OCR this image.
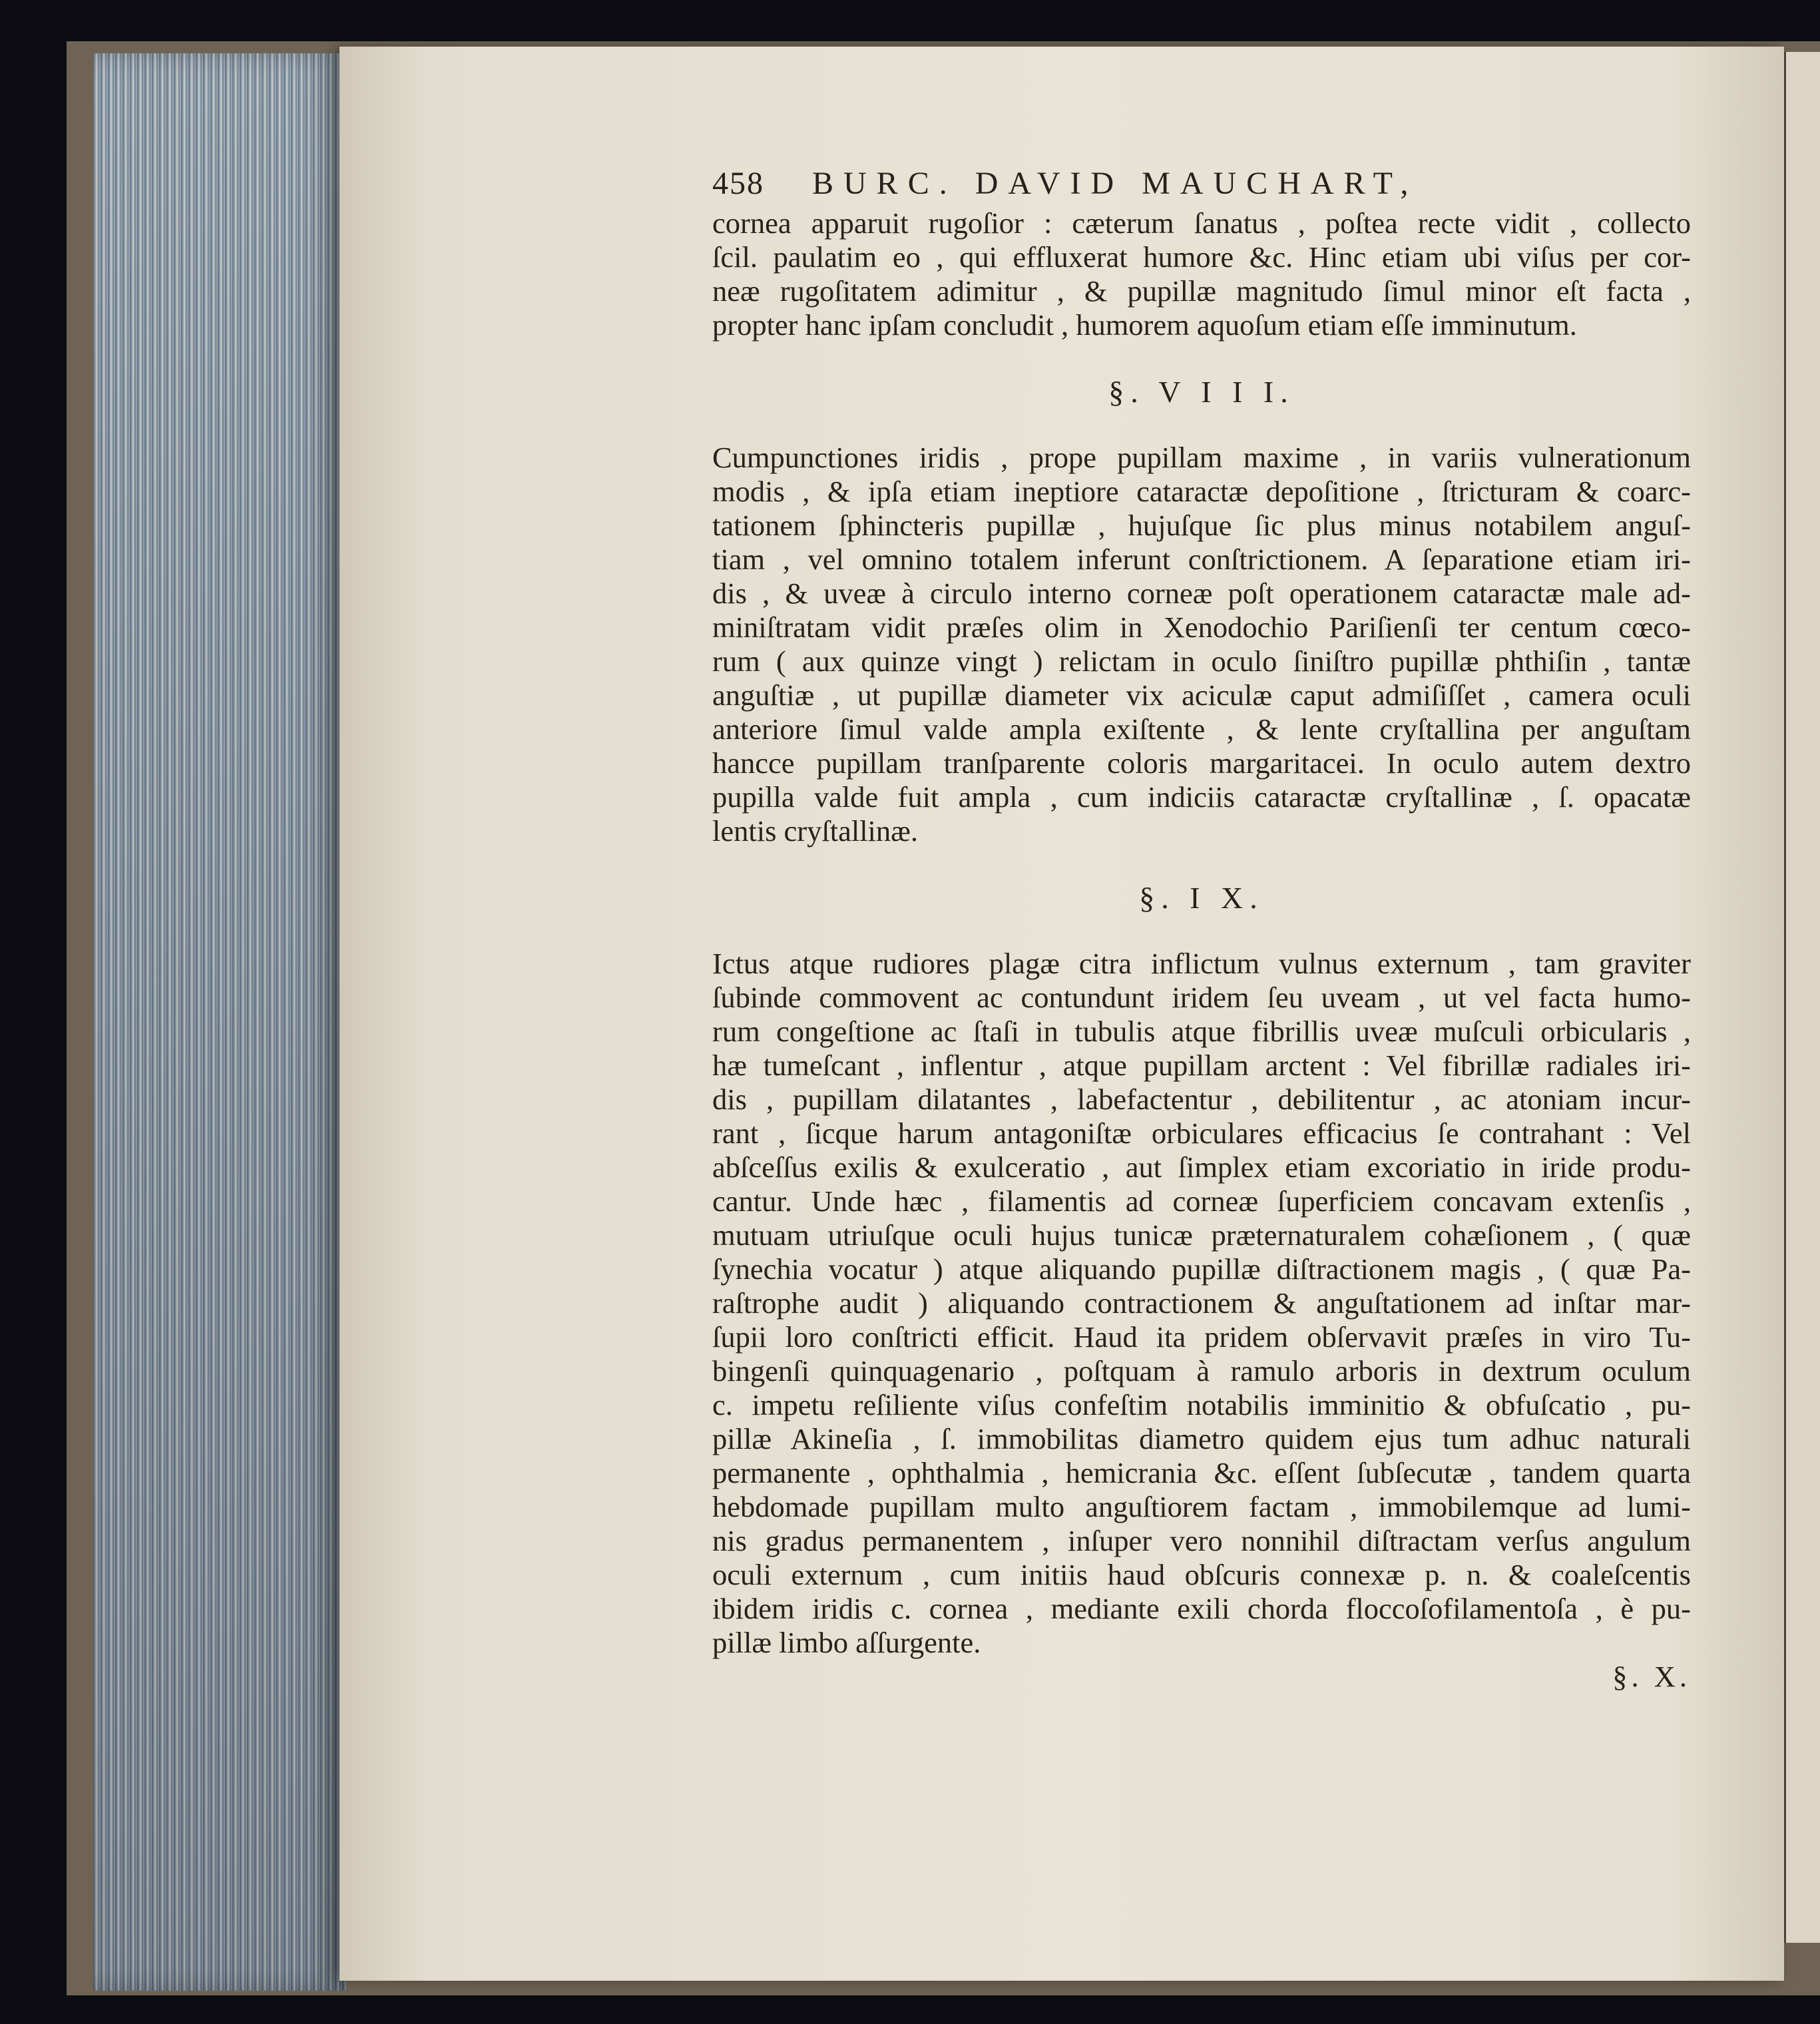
458	BURC. DAVID MAUCHART,
cornea apparuit rugoſior : cæterum ſanatus , poſtea recte vidit , collecto
ſcil. paulatim eo , qui effluxerat humore &c. Hinc etiam ubi viſus per cor-
neæ rugoſitatem adimitur , & pupillæ magnitudo ſimul minor eſt facta ,
propter hanc ipſam concludit , humorem aquoſum etiam eſſe imminutum.
§. V I I I.
Cumpunctiones iridis , prope pupillam maxime , in variis vulnerationum
modis , & ipſa etiam ineptiore cataractæ depoſitione , ſtricturam & coarc-
tationem ſphincteris pupillæ , hujuſque ſic plus minus notabilem anguſ-
tiam , vel omnino totalem inferunt conſtrictionem. A ſeparatione etiam iri-
dis , & uveæ à circulo interno corneæ poſt operationem cataractæ male ad-
miniſtratam vidit præſes olim in Xenodochio Pariſienſi ter centum cœco-
rum ( aux quinze vingt ) relictam in oculo ſiniſtro pupillæ phthiſin , tantæ
anguſtiæ , ut pupillæ diameter vix aciculæ caput admiſiſſet , camera oculi
anteriore ſimul valde ampla exiſtente , & lente cryſtallina per anguſtam
hancce pupillam tranſparente coloris margaritacei. In oculo autem dextro
pupilla valde fuit ampla , cum indiciis cataractæ cryſtallinæ , ſ. opacatæ
lentis cryſtallinæ.
§. I X.
Ictus atque rudiores plagæ citra inflictum vulnus externum , tam graviter
ſubinde commovent ac contundunt iridem ſeu uveam , ut vel facta humo-
rum congeſtione ac ſtaſi in tubulis atque fibrillis uveæ muſculi orbicularis ,
hæ tumeſcant , inflentur , atque pupillam arctent : Vel fibrillæ radiales iri-
dis , pupillam dilatantes , labefactentur , debilitentur , ac atoniam incur-
rant , ſicque harum antagoniſtæ orbiculares efficacius ſe contrahant : Vel
abſceſſus exilis & exulceratio , aut ſimplex etiam excoriatio in iride produ-
cantur. Unde hæc , filamentis ad corneæ ſuperficiem concavam extenſis ,
mutuam utriuſque oculi hujus tunicæ præternaturalem cohæſionem , ( quæ
ſynechia vocatur ) atque aliquando pupillæ diſtractionem magis , ( quæ Pa-
raſtrophe audit ) aliquando contractionem & anguſtationem ad inſtar mar-
ſupii loro conſtricti efficit. Haud ita pridem obſervavit præſes in viro Tu-
bingenſi quinquagenario , poſtquam à ramulo arboris in dextrum oculum
c. impetu reſiliente viſus confeſtim notabilis imminitio & obfuſcatio , pu-
pillæ Akineſia , ſ. immobilitas diametro quidem ejus tum adhuc naturali
permanente , ophthalmia , hemicrania &c. eſſent ſubſecutæ , tandem quarta
hebdomade pupillam multo anguſtiorem factam , immobilemque ad lumi-
nis gradus permanentem , inſuper vero nonnihil diſtractam verſus angulum
oculi externum , cum initiis haud obſcuris connexæ p. n. & coaleſcentis
ibidem iridis c. cornea , mediante exili chorda floccoſofilamentoſa , è pu-
pillæ limbo aſſurgente.
§. X.
